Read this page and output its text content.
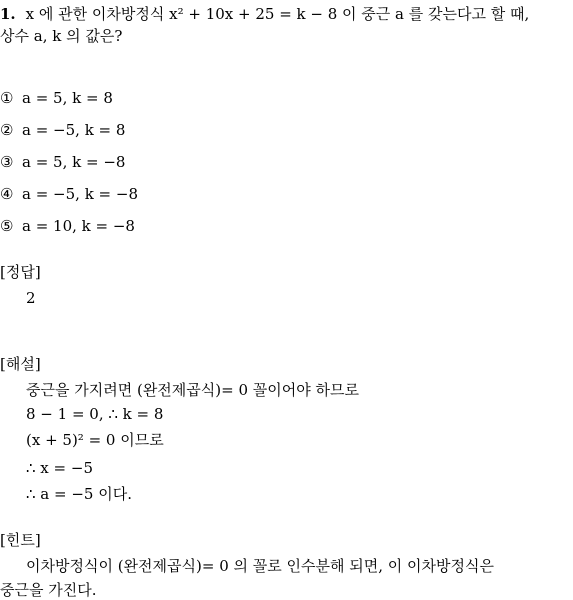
1. x 에 관한 이차방정식 x² + 10x + 25 = k − 8 이 중근 a 를 갖는다고 할 때,
상수 a, k 의 값은?
① a = 5, k = 8
② a = −5, k = 8
③ a = 5, k = −8
④ a = −5, k = −8
⑤ a = 10, k = −8
[정답]
2
[해설]
중근을 가지려면 (완전제곱식)= 0 꼴이어야 하므로
8 − 1 = 0, ∴ k = 8
(x + 5)² = 0 이므로
∴ x = −5
∴ a = −5 이다.
[힌트]
이차방정식이 (완전제곱식)= 0 의 꼴로 인수분해 되면, 이 이차방정식은
중근을 가진다.
